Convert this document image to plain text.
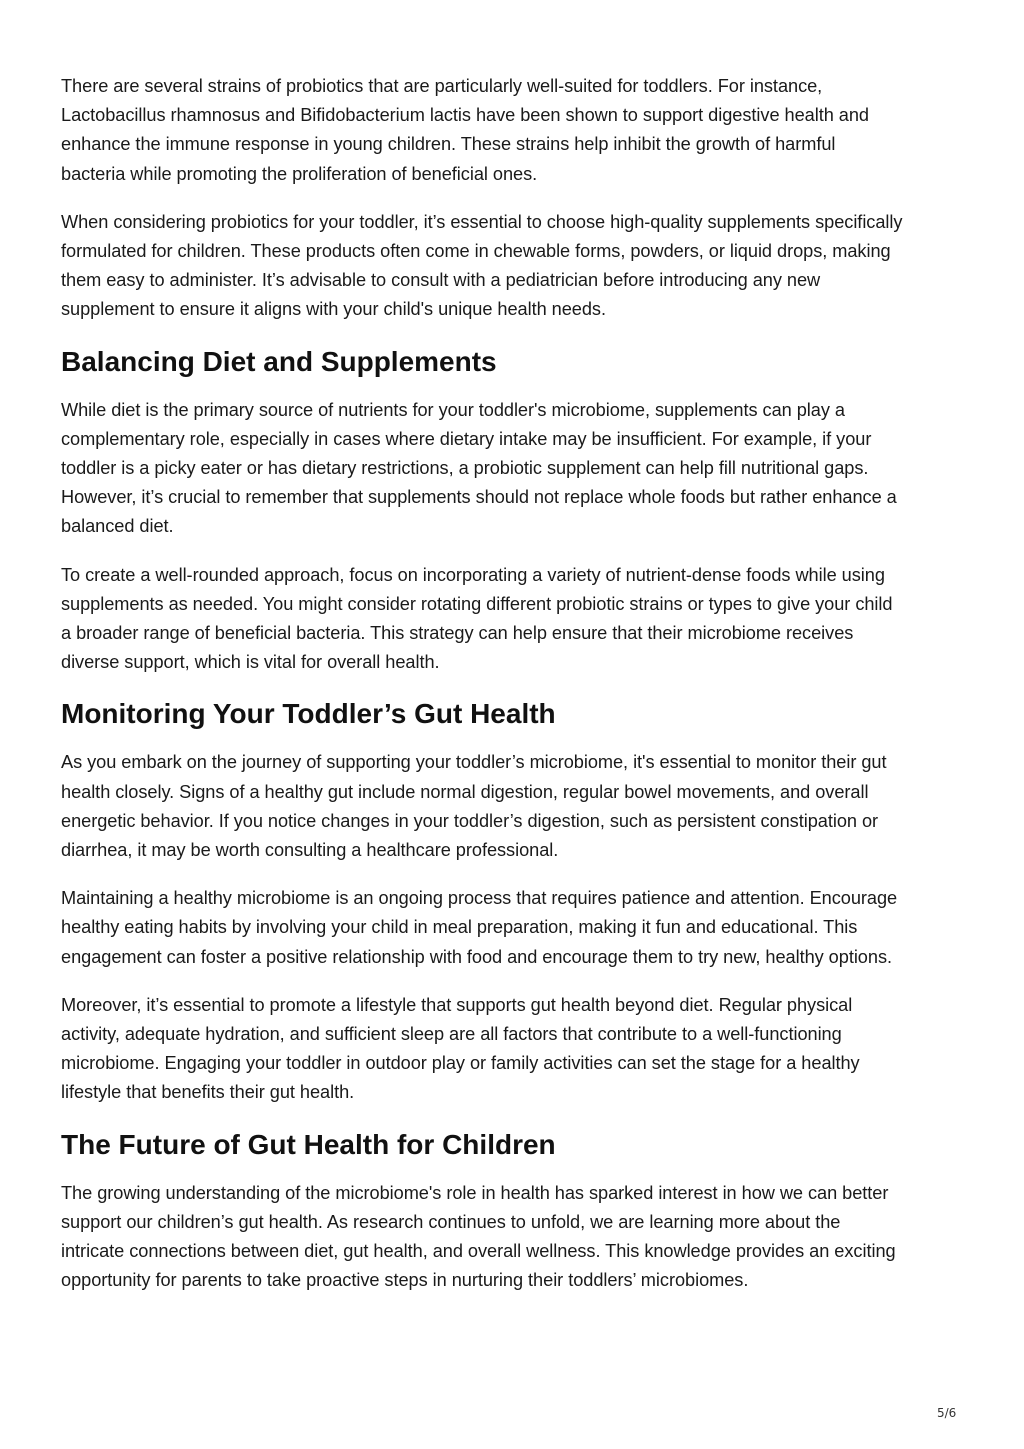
There are several strains of probiotics that are particularly well-suited for toddlers. For instance,
Lactobacillus rhamnosus and Bifidobacterium lactis have been shown to support digestive health and
enhance the immune response in young children. These strains help inhibit the growth of harmful
bacteria while promoting the proliferation of beneficial ones.

When considering probiotics for your toddler, it’s essential to choose high-quality supplements specifically
formulated for children. These products often come in chewable forms, powders, or liquid drops, making
them easy to administer. It’s advisable to consult with a pediatrician before introducing any new
supplement to ensure it aligns with your child's unique health needs.

Balancing Diet and Supplements

While diet is the primary source of nutrients for your toddler's microbiome, supplements can play a
complementary role, especially in cases where dietary intake may be insufficient. For example, if your
toddler is a picky eater or has dietary restrictions, a probiotic supplement can help fill nutritional gaps.
However, it’s crucial to remember that supplements should not replace whole foods but rather enhance a
balanced diet.

To create a well-rounded approach, focus on incorporating a variety of nutrient-dense foods while using
supplements as needed. You might consider rotating different probiotic strains or types to give your child
a broader range of beneficial bacteria. This strategy can help ensure that their microbiome receives
diverse support, which is vital for overall health.

Monitoring Your Toddler’s Gut Health

As you embark on the journey of supporting your toddler’s microbiome, it's essential to monitor their gut
health closely. Signs of a healthy gut include normal digestion, regular bowel movements, and overall
energetic behavior. If you notice changes in your toddler’s digestion, such as persistent constipation or
diarrhea, it may be worth consulting a healthcare professional.

Maintaining a healthy microbiome is an ongoing process that requires patience and attention. Encourage
healthy eating habits by involving your child in meal preparation, making it fun and educational. This
engagement can foster a positive relationship with food and encourage them to try new, healthy options.

Moreover, it’s essential to promote a lifestyle that supports gut health beyond diet. Regular physical
activity, adequate hydration, and sufficient sleep are all factors that contribute to a well-functioning
microbiome. Engaging your toddler in outdoor play or family activities can set the stage for a healthy
lifestyle that benefits their gut health.

The Future of Gut Health for Children

The growing understanding of the microbiome's role in health has sparked interest in how we can better
support our children’s gut health. As research continues to unfold, we are learning more about the
intricate connections between diet, gut health, and overall wellness. This knowledge provides an exciting
opportunity for parents to take proactive steps in nurturing their toddlers’ microbiomes.

5/6
